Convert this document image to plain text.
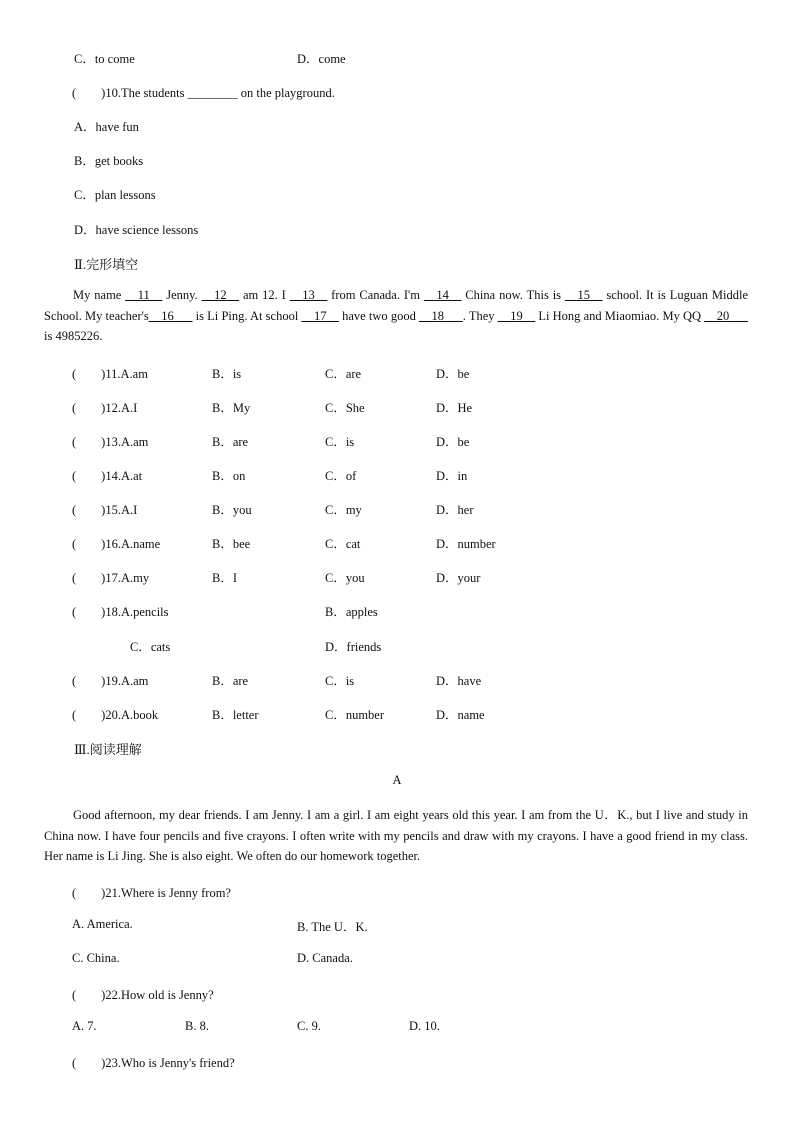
C．to come	D．come
(　　)10.The students ________ on the playground.
A．have fun
B．get books
C．plan lessons
D．have science lessons
Ⅱ.完形填空
My name __11__ Jenny. __12__ am 12. I __13__ from Canada. I'm __14__ China now. This is __15__ school. It is Luguan Middle School. My teacher's__16___ is Li Ping. At school __17__ have two good __18___. They __19__ Li Hong and Miaomiao. My QQ __20___ is 4985226.
(　　)11.A.am	B．is	C．are	D．be
(　　)12.A.I	B．My	C．She	D．He
(　　)13.A.am	B．are	C．is	D．be
(　　)14.A.at	B．on	C．of	D．in
(　　)15.A.I	B．you	C．my	D．her
(　　)16.A.name	B．bee	C．cat	D．number
(　　)17.A.my	B．I	C．you	D．your
(　　)18.A.pencils	B．apples
C．cats	D．friends
(　　)19.A.am	B．are	C．is	D．have
(　　)20.A.book	B．letter	C．number	D．name
Ⅲ.阅读理解
A
Good afternoon, my dear friends. I am Jenny. I am a girl. I am eight years old this year. I am from the U．K., but I live and study in China now. I have four pencils and five crayons. I often write with my pencils and draw with my crayons. I have a good friend in my class. Her name is Li Jing. She is also eight. We often do our homework together.
(　　)21.Where is Jenny from?
A. America.	B. The U．K.
C. China.	D. Canada.
(　　)22.How old is Jenny?
A. 7.	B. 8.	C. 9.	D. 10.
(　　)23.Who is Jenny's friend?
